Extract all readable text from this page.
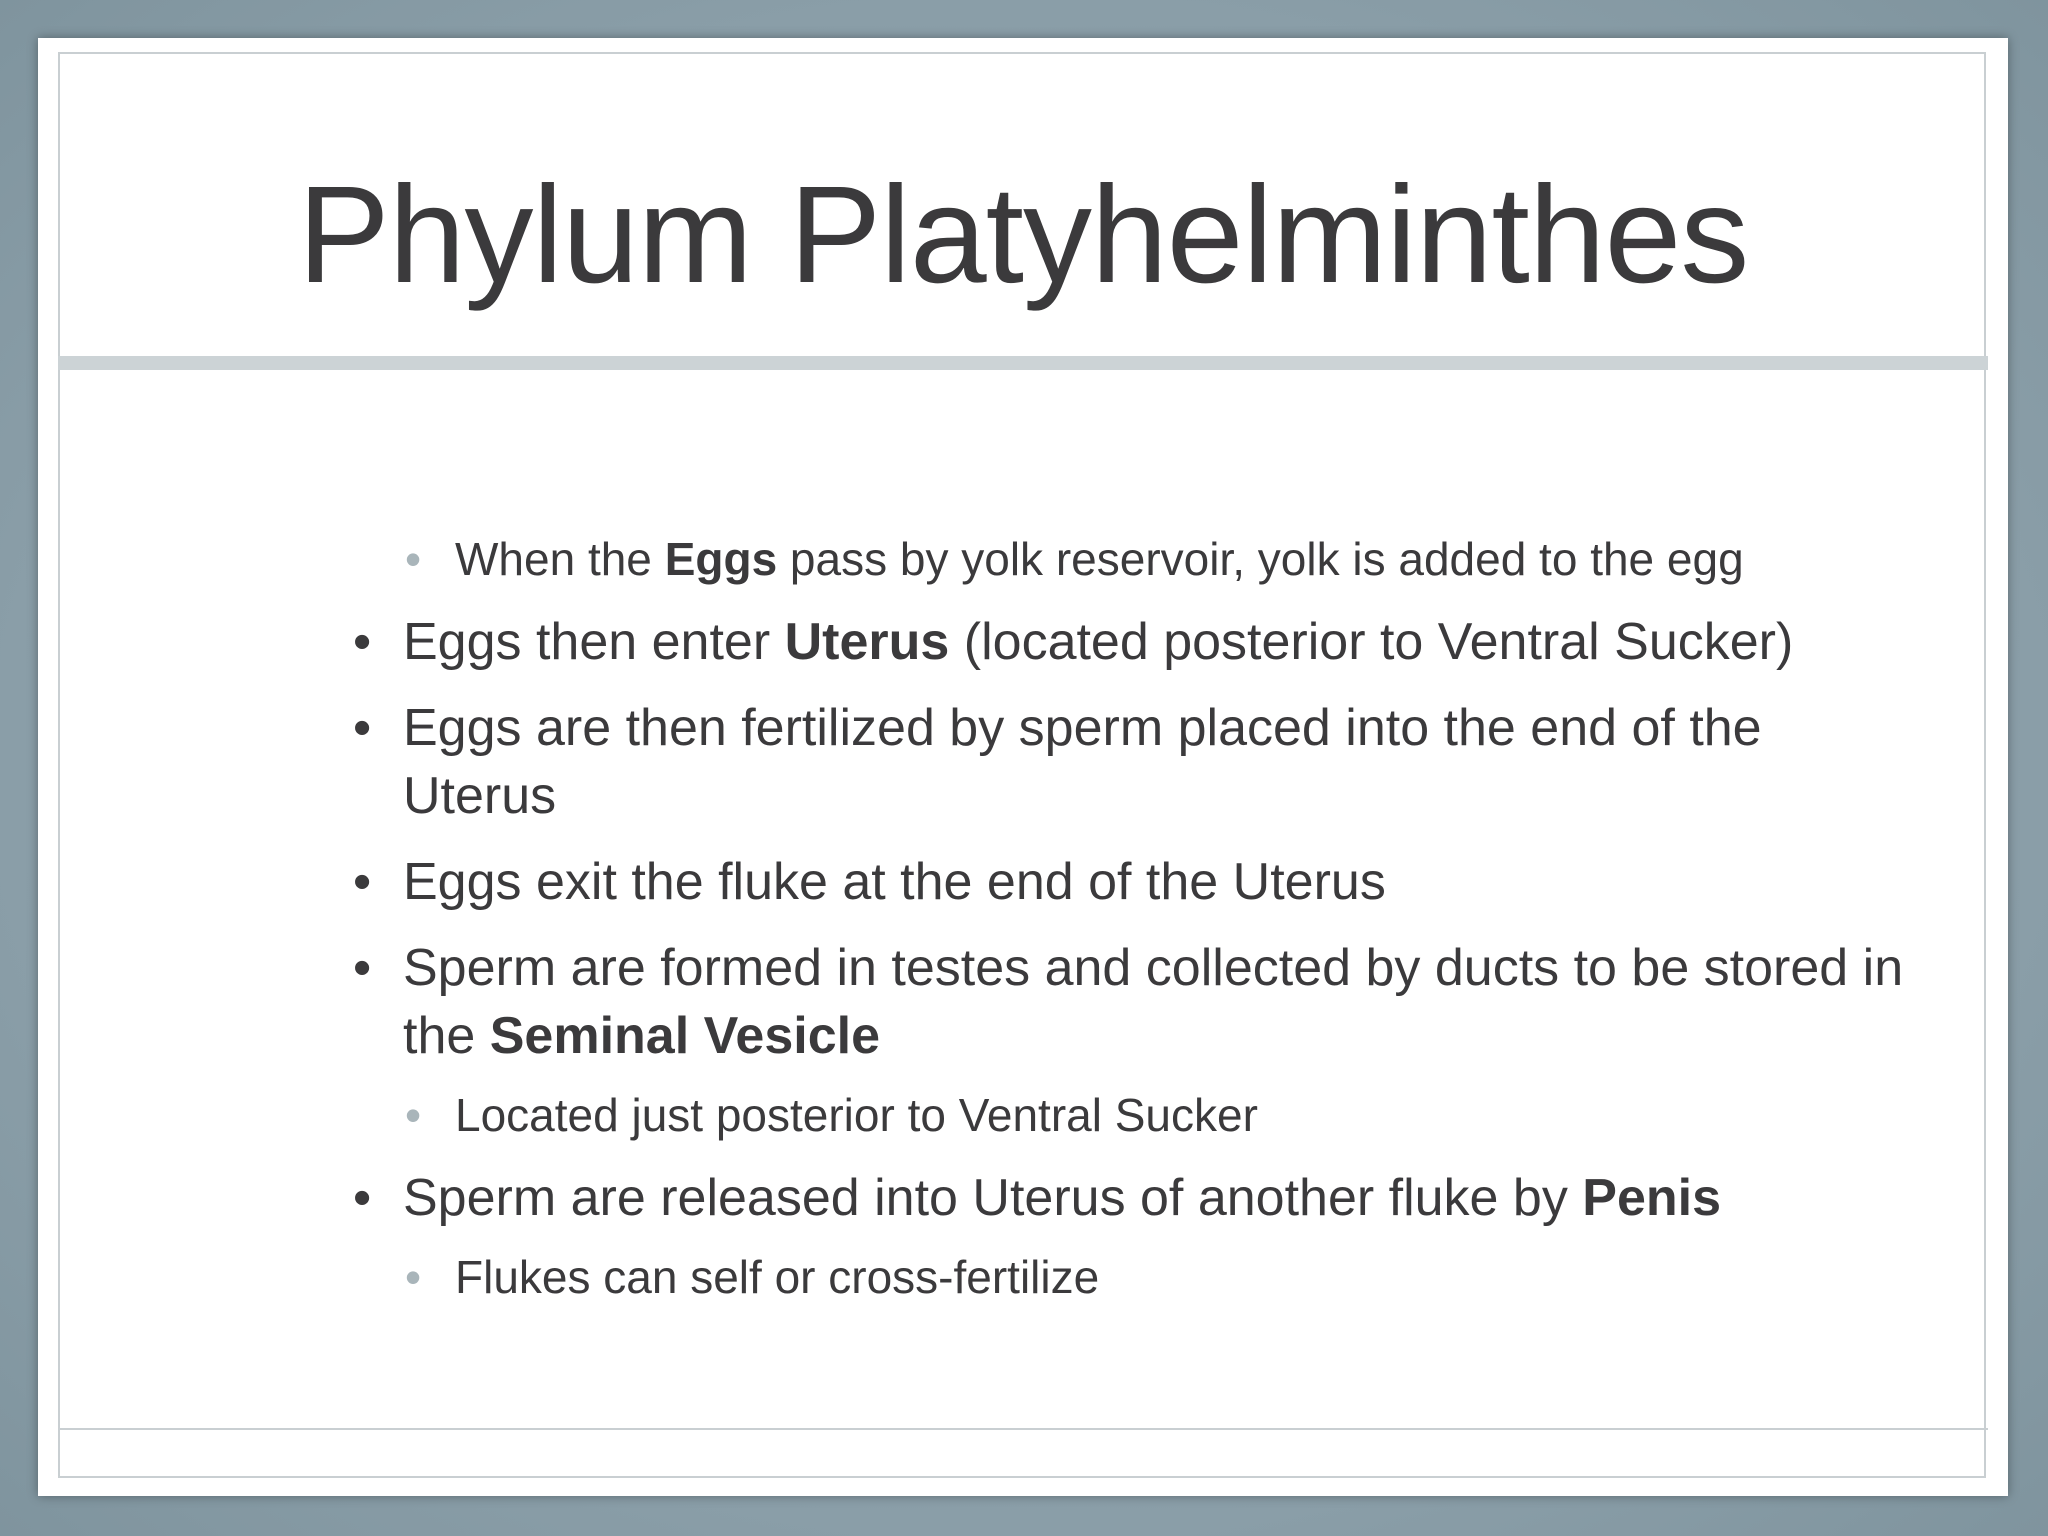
Phylum Platyhelminthes
• When the Eggs pass by yolk reservoir, yolk is added to the egg
• Eggs then enter Uterus (located posterior to Ventral Sucker)
• Eggs are then fertilized by sperm placed into the end of the Uterus
• Eggs exit the fluke at the end of the Uterus
• Sperm are formed in testes and collected by ducts to be stored in the Seminal Vesicle
• Located just posterior to Ventral Sucker
• Sperm are released into Uterus of another fluke by Penis
• Flukes can self or cross-fertilize
